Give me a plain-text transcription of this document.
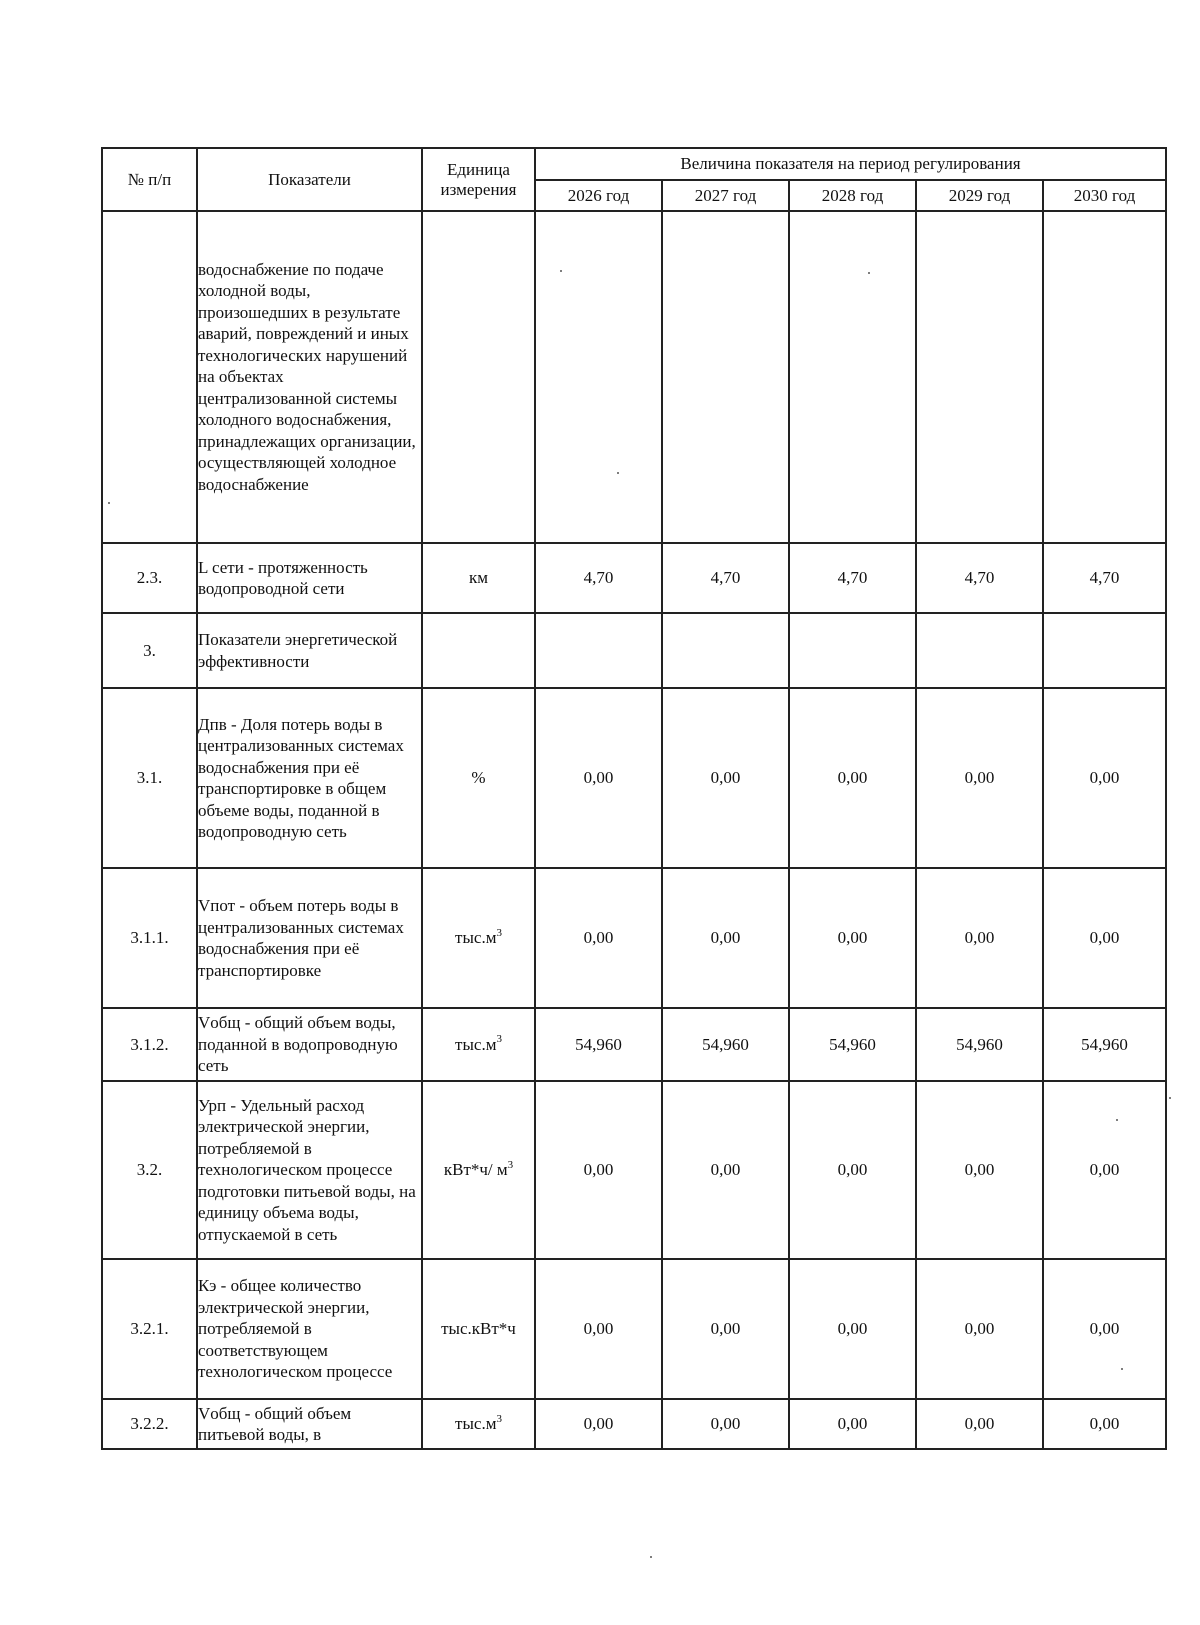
№ п/п	Показатели	Единица измерения	Величина показателя на период регулирования				
			2026 год	2027 год	2028 год	2029 год	2030 год
	водоснабжение по подаче холодной воды, произошедших в результате аварий, повреждений и иных технологических нарушений на объектах централизованной системы холодного водоснабжения, принадлежащих организации, осуществляющей холодное водоснабжение						
2.3.	L сети - протяженность водопроводной сети	км	4,70	4,70	4,70	4,70	4,70
3.	Показатели энергетической эффективности						
3.1.	Дпв - Доля потерь воды в централизованных системах водоснабжения при её транспортировке в общем объеме воды, поданной в водопроводную сеть	%	0,00	0,00	0,00	0,00	0,00
3.1.1.	Vпот - объем потерь воды в централизованных системах водоснабжения при её транспортировке	$тыс.м^3$	0,00	0,00	0,00	0,00	0,00
3.1.2.	Vобщ - общий объем воды, поданной в водопроводную сеть	$тыс.м^3$	54,960	54,960	54,960	54,960	54,960
3.2.	Урп - Удельный расход электрической энергии, потребляемой в технологическом процессе подготовки питьевой воды, на единицу объема воды, отпускаемой в сеть	кВт*ч/ $м^3$	0,00	0,00	0,00	0,00	0,00
3.2.1.	Кэ - общее количество электрической энергии, потребляемой в соответствующем технологическом процессе	тыс.кВт*ч	0,00	0,00	0,00	0,00	0,00
3.2.2.	Vобщ - общий объем питьевой воды, в	$тыс.м^3$	0,00	0,00	0,00	0,00	0,00
